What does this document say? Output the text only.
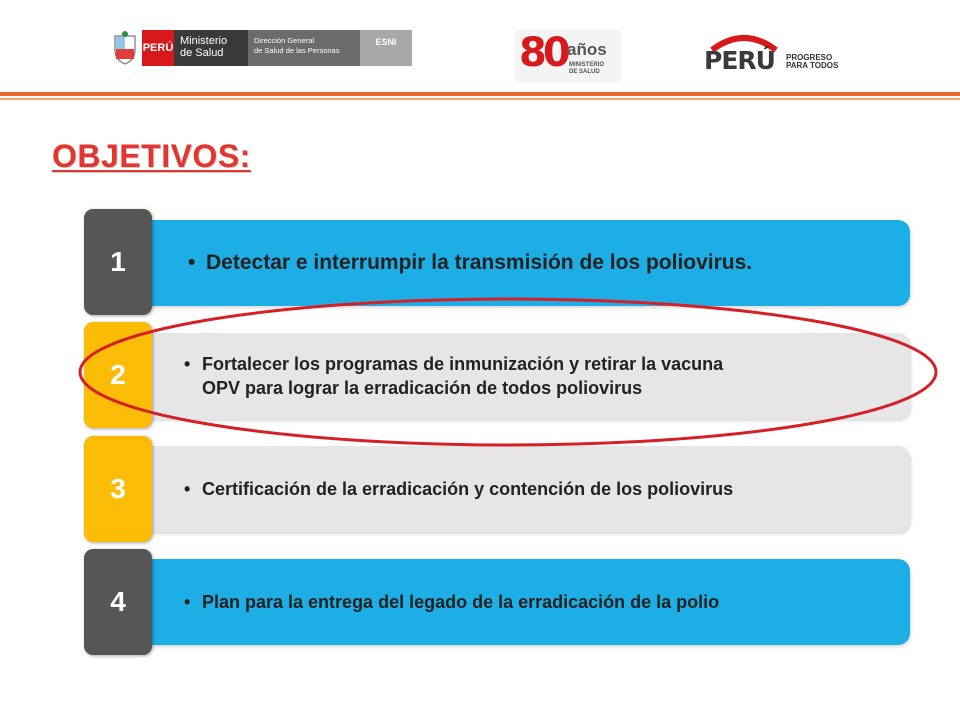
PERÚ
Ministerio
de Salud
Dirección General
de Salud de las Personas
ESNI	80 años
MINISTERIO
DE SALUD	PERÚ PROGRESO
PARA TODOS
OBJETIVOS:
• Detectar e interrumpir la transmisión de los poliovirus.
1
• Fortalecer los programas de inmunización y retirar la vacuna
OPV para lograr la erradicación de todos poliovirus
2
• Certificación de la erradicación y contención de los poliovirus
3
• Plan para la entrega del legado de la erradicación de la polio
4
